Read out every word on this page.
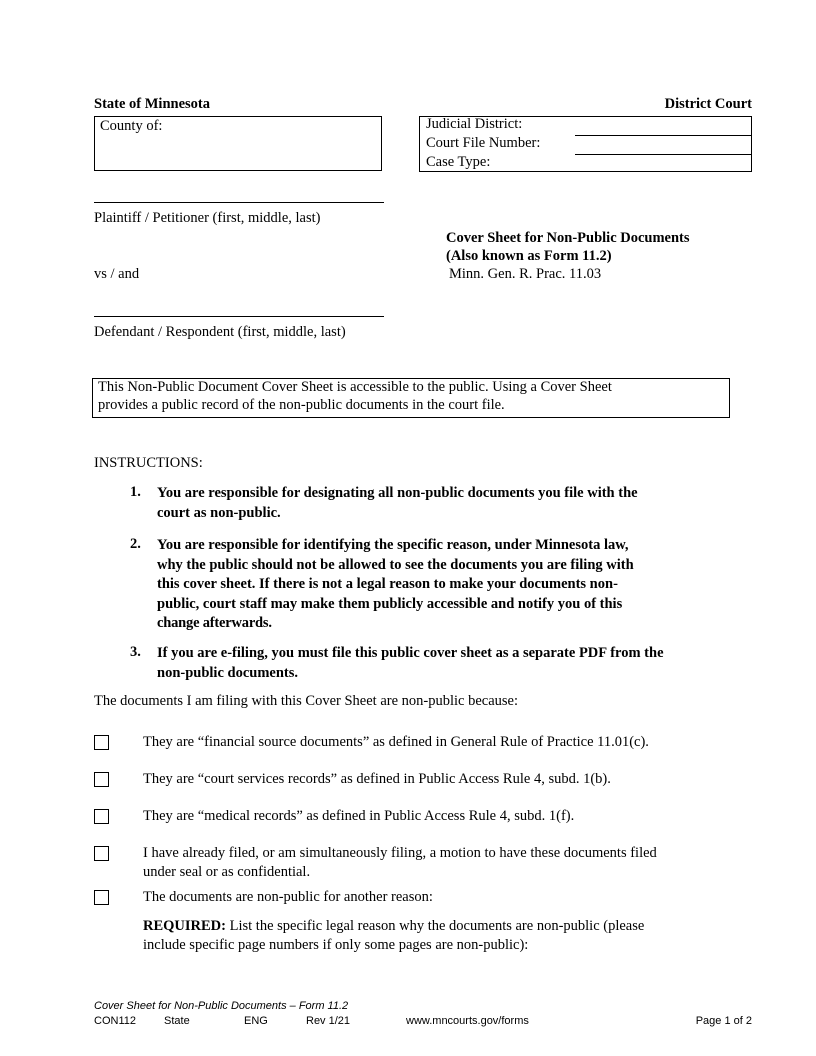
State of Minnesota	District Court
County of:	Judicial District:
Court File Number:
Case Type:
Plaintiff / Petitioner (first, middle, last)
vs / and
Defendant / Respondent (first, middle, last)
Cover Sheet for Non-Public Documents
(Also known as Form 11.2)
Minn. Gen. R. Prac. 11.03
This Non-Public Document Cover Sheet is accessible to the public. Using a Cover Sheet
provides a public record of the non-public documents in the court file.
INSTRUCTIONS:
1. You are responsible for designating all non-public documents you file with the
court as non-public.
2. You are responsible for identifying the specific reason, under Minnesota law,
why the public should not be allowed to see the documents you are filing with
this cover sheet. If there is not a legal reason to make your documents non-
public, court staff may make them publicly accessible and notify you of this
change afterwards.
3. If you are e-filing, you must file this public cover sheet as a separate PDF from the
non-public documents.
The documents I am filing with this Cover Sheet are non-public because:
They are “financial source documents” as defined in General Rule of Practice 11.01(c).
They are “court services records” as defined in Public Access Rule 4, subd. 1(b).
They are “medical records” as defined in Public Access Rule 4, subd. 1(f).
I have already filed, or am simultaneously filing, a motion to have these documents filed
under seal or as confidential.
The documents are non-public for another reason:
REQUIRED: List the specific legal reason why the documents are non-public (please
include specific page numbers if only some pages are non-public):
Cover Sheet for Non-Public Documents – Form 11.2
CON112	State	ENG	Rev 1/21	www.mncourts.gov/forms	Page 1 of 2
